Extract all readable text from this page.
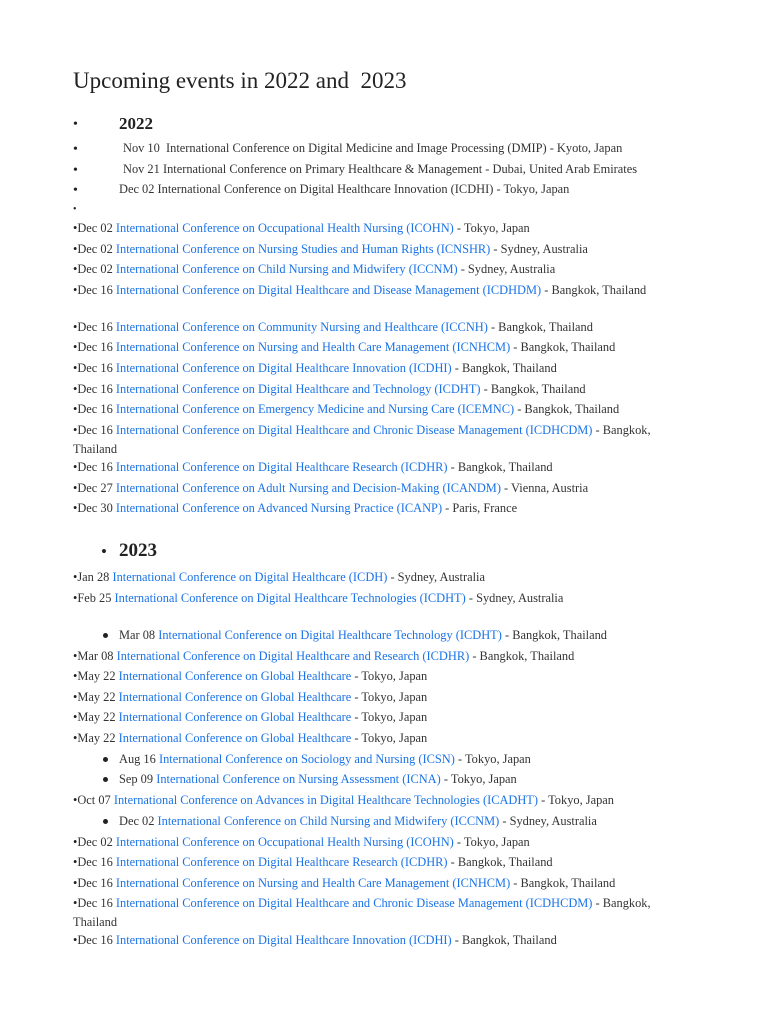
Upcoming events in 2022 and  2023
• 2022
•	Nov 10  International Conference on Digital Medicine and Image Processing (DMIP) - Kyoto, Japan
•	Nov 21 International Conference on Primary Healthcare & Management - Dubai, United Arab Emirates
•	Dec 02 International Conference on Digital Healthcare Innovation (ICDHI) - Tokyo, Japan
•
•Dec 02 International Conference on Occupational Health Nursing (ICOHN) - Tokyo, Japan
•Dec 02 International Conference on Nursing Studies and Human Rights (ICNSHR) - Sydney, Australia
•Dec 02 International Conference on Child Nursing and Midwifery (ICCNM) - Sydney, Australia
•Dec 16 International Conference on Digital Healthcare and Disease Management (ICDHDM) - Bangkok, Thailand
•Dec 16 International Conference on Community Nursing and Healthcare (ICCNH) - Bangkok, Thailand
•Dec 16 International Conference on Nursing and Health Care Management (ICNHCM) - Bangkok, Thailand
•Dec 16 International Conference on Digital Healthcare Innovation (ICDHI) - Bangkok, Thailand
•Dec 16 International Conference on Digital Healthcare and Technology (ICDHT) - Bangkok, Thailand
•Dec 16 International Conference on Emergency Medicine and Nursing Care (ICEMNC) - Bangkok, Thailand
•Dec 16 International Conference on Digital Healthcare and Chronic Disease Management (ICDHCDM) - Bangkok, Thailand
•Dec 16 International Conference on Digital Healthcare Research (ICDHR) - Bangkok, Thailand
•Dec 27 International Conference on Adult Nursing and Decision-Making (ICANDM) - Vienna, Austria
•Dec 30 International Conference on Advanced Nursing Practice (ICANP) - Paris, France
• 2023
•Jan 28 International Conference on Digital Healthcare (ICDH) - Sydney, Australia
•Feb 25 International Conference on Digital Healthcare Technologies (ICDHT) - Sydney, Australia
Mar 08 International Conference on Digital Healthcare Technology (ICDHT) - Bangkok, Thailand
•Mar 08 International Conference on Digital Healthcare and Research (ICDHR) - Bangkok, Thailand
•May 22 International Conference on Global Healthcare - Tokyo, Japan
•May 22 International Conference on Global Healthcare - Tokyo, Japan
•May 22 International Conference on Global Healthcare - Tokyo, Japan
•May 22 International Conference on Global Healthcare - Tokyo, Japan
Aug 16 International Conference on Sociology and Nursing (ICSN) - Tokyo, Japan
Sep 09 International Conference on Nursing Assessment (ICNA) - Tokyo, Japan
•Oct 07 International Conference on Advances in Digital Healthcare Technologies (ICADHT) - Tokyo, Japan
Dec 02 International Conference on Child Nursing and Midwifery (ICCNM) - Sydney, Australia
•Dec 02 International Conference on Occupational Health Nursing (ICOHN) - Tokyo, Japan
•Dec 16 International Conference on Digital Healthcare Research (ICDHR) - Bangkok, Thailand
•Dec 16 International Conference on Nursing and Health Care Management (ICNHCM) - Bangkok, Thailand
•Dec 16 International Conference on Digital Healthcare and Chronic Disease Management (ICDHCDM) - Bangkok, Thailand
•Dec 16 International Conference on Digital Healthcare Innovation (ICDHI) - Bangkok, Thailand
